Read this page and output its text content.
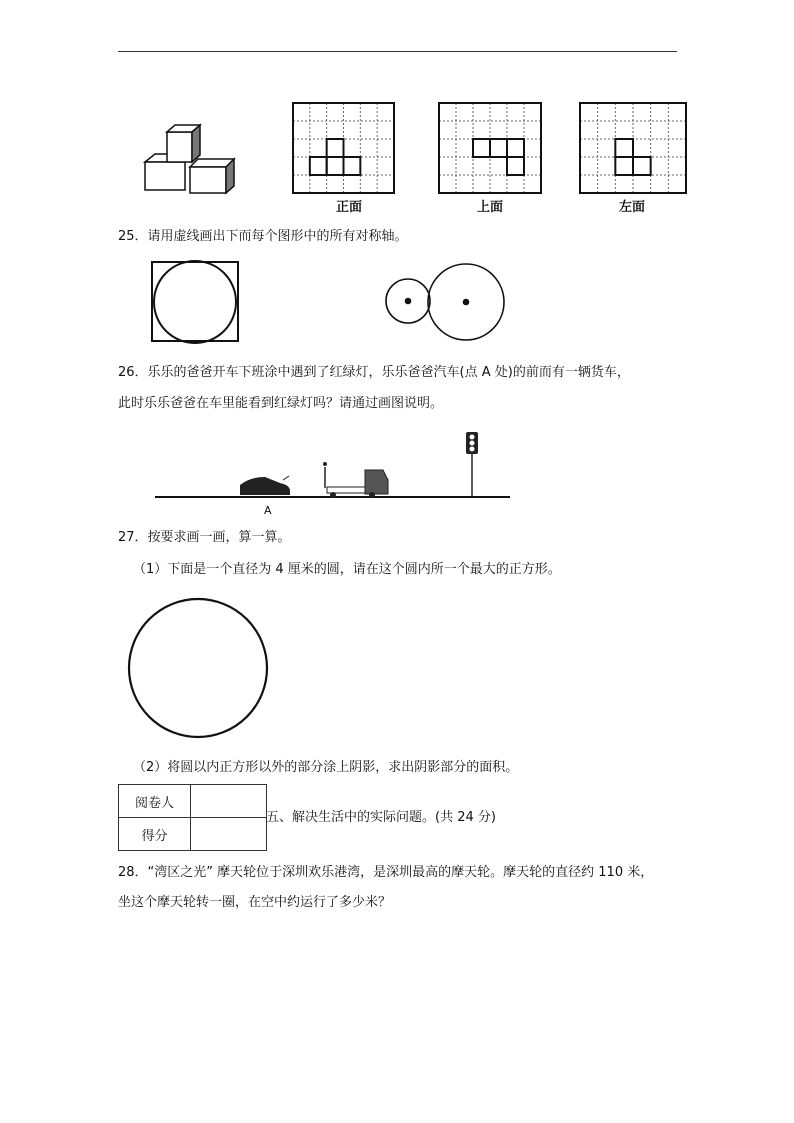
正面	上面	左面
25．请用虚线画出下而每个图形中的所有对称轴。
26．乐乐的爸爸开车下班涂中遇到了红绿灯，乐乐爸爸汽车(点 A 处)的前而有一辆货车，
此时乐乐爸爸在车里能看到红绿灯吗？请通过画图说明。
A
27．按要求画一画，算一算。
（1）下面是一个直径为 4 厘米的圆，请在这个圆内所一个最大的正方形。
（2）将圆以内正方形以外的部分涂上阴影，求出阴影部分的面积。
阅卷人	
得分	
五、解决生活中的实际问题。(共 24 分)
28．“湾区之光” 摩天轮位于深圳欢乐港湾，是深圳最高的摩天轮。摩天轮的直径约 110 米，
坐这个摩天轮转一圈，在空中约运行了多少米？
